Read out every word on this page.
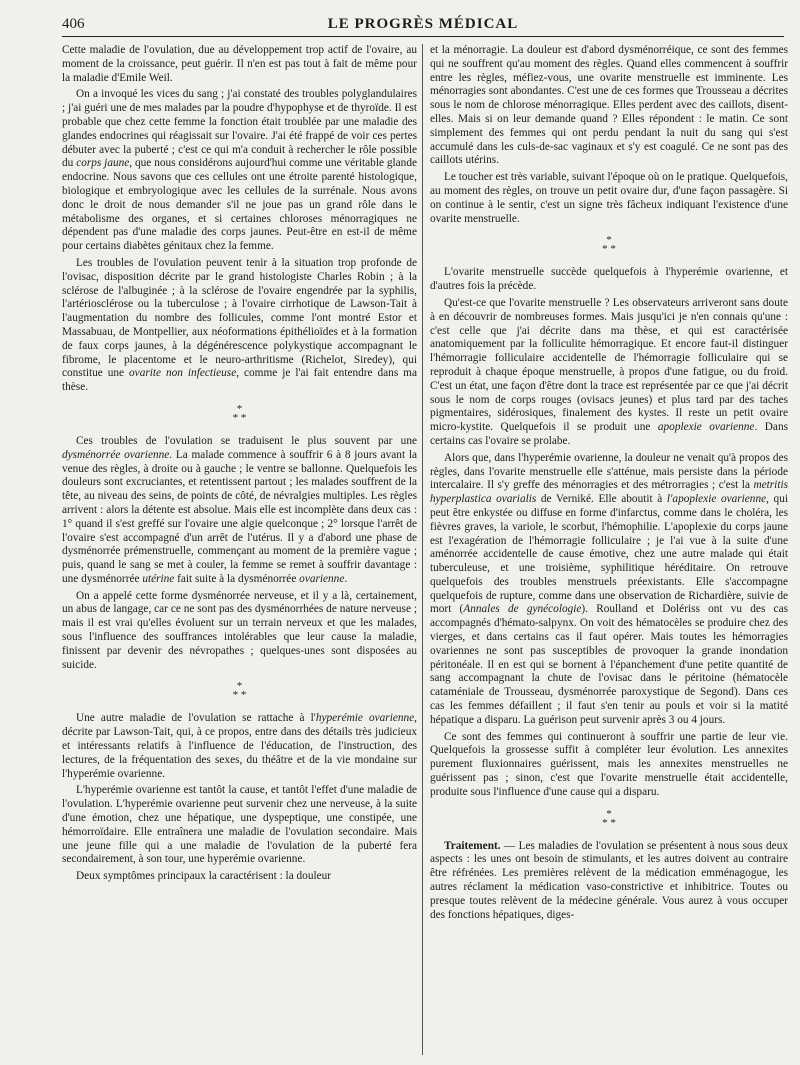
406	LE PROGRÈS MÉDICAL

Cette maladie de l'ovulation, due au développement trop actif de l'ovaire, au moment de la croissance, peut guérir. Il n'en est pas tout à fait de même pour la maladie d'Emile Weil.

On a invoqué les vices du sang ; j'ai constaté des troubles polyglandulaires ; j'ai guéri une de mes malades par la poudre d'hypophyse et de thyroïde. Il est probable que chez cette femme la fonction était troublée par une maladie des glandes endocrines qui réagissait sur l'ovaire. J'ai été frappé de voir ces pertes débuter avec la puberté ; c'est ce qui m'a conduit à rechercher le rôle possible du corps jaune, que nous considérons aujourd'hui comme une véritable glande endocrine. Nous savons que ces cellules ont une étroite parenté histologique, biologique et embryologique avec les cellules de la surrénale. Nous avons donc le droit de nous demander s'il ne joue pas un grand rôle dans le métabolisme des organes, et si certaines chloroses ménorragiques ne dépendent pas d'une maladie des corps jaunes. Peut-être en est-il de même pour certains diabètes génitaux chez la femme.

Les troubles de l'ovulation peuvent tenir à la situation trop profonde de l'ovisac, disposition décrite par le grand histologiste Charles Robin ; à la sclérose de l'albuginée ; à la sclérose de l'ovaire engendrée par la syphilis, l'artériosclérose ou la tuberculose ; à l'ovaire cirrhotique de Lawson-Tait à l'augmentation du nombre des follicules, comme l'ont montré Estor et Massabuau, de Montpellier, aux néoformations épithélioïdes et à la formation de faux corps jaunes, à la dégénérescence polykystique accompagnant le fibrome, le placentome et le neuro-arthritisme (Richelot, Siredey), qui constitue une ovarite non infectieuse, comme je l'ai fait entendre dans ma thèse.

*
* *

Ces troubles de l'ovulation se traduisent le plus souvent par une dysménorrée ovarienne. La malade commence à souffrir 6 à 8 jours avant la venue des règles, à droite ou à gauche ; le ventre se ballonne. Quelquefois les douleurs sont excruciantes, et retentissent partout ; les malades souffrent de la tête, au niveau des seins, de points de côté, de névralgies multiples. Les règles arrivent : alors la détente est absolue. Mais elle est incomplète dans deux cas : 1° quand il s'est greffé sur l'ovaire une algie quelconque ; 2° lorsque l'arrêt de l'ovaire s'est accompagné d'un arrêt de l'utérus. Il y a d'abord une phase de dysménorrée prémenstruelle, commençant au moment de la première vague ; puis, quand le sang se met à couler, la femme se remet à souffrir davantage : une dysménorrée utérine fait suite à la dysménorrée ovarienne.

On a appelé cette forme dysménorrée nerveuse, et il y a là, certainement, un abus de langage, car ce ne sont pas des dysménorrhées de nature nerveuse ; mais il est vrai qu'elles évoluent sur un terrain nerveux et que les malades, sous l'influence des souffrances intolérables que leur cause la maladie, finissent par devenir des névropathes ; quelques-unes sont disposées au suicide.

*
* *

Une autre maladie de l'ovulation se rattache à l'hyperémie ovarienne, décrite par Lawson-Tait, qui, à ce propos, entre dans des détails très judicieux et intéressants relatifs à l'influence de l'éducation, de l'instruction, des lectures, de la fréquentation des sexes, du théâtre et de la vie mondaine sur l'hyperémie ovarienne.

L'hyperémie ovarienne est tantôt la cause, et tantôt l'effet d'une maladie de l'ovulation. L'hyperémie ovarienne peut survenir chez une nerveuse, à la suite d'une émotion, chez une hépatique, une dyspeptique, une constipée, une hémorroïdaire. Elle entraînera une maladie de l'ovulation secondaire. Mais une jeune fille qui a une maladie de l'ovulation de la puberté fera secondairement, à son tour, une hyperémie ovarienne.

Deux symptômes principaux la caractérisent : la douleur

et la ménorragie. La douleur est d'abord dysménorréique, ce sont des femmes qui ne souffrent qu'au moment des règles. Quand elles commencent à souffrir entre les règles, méfiez-vous, une ovarite menstruelle est imminente. Les ménorragies sont abondantes. C'est une de ces formes que Trousseau a décrites sous le nom de chlorose ménorragique. Elles perdent avec des caillots, disent-elles. Mais si on leur demande quand ? Elles répondent : le matin. Ce sont simplement des femmes qui ont perdu pendant la nuit du sang qui s'est accumulé dans les culs-de-sac vaginaux et s'y est coagulé. Ce ne sont pas des caillots utérins.

Le toucher est très variable, suivant l'époque où on le pratique. Quelquefois, au moment des règles, on trouve un petit ovaire dur, d'une façon passagère. Si on continue à le sentir, c'est un signe très fâcheux indiquant l'existence d'une ovarite menstruelle.

*
* *

L'ovarite menstruelle succède quelquefois à l'hyperémie ovarienne, et d'autres fois la précède.

Qu'est-ce que l'ovarite menstruelle ? Les observateurs arriveront sans doute à en découvrir de nombreuses formes. Mais jusqu'ici je n'en connais qu'une : c'est celle que j'ai décrite dans ma thèse, et qui est caractérisée anatomiquement par la folliculite hémorragique. Et encore faut-il distinguer l'hémorragie folliculaire accidentelle de l'hémorragie folliculaire qui se reproduit à chaque époque menstruelle, à propos d'une fatigue, ou du froid. C'est un état, une façon d'être dont la trace est représentée par ce que j'ai décrit sous le nom de corps rouges (ovisacs jeunes) et plus tard par des taches pigmentaires, sidérosiques, finalement des kystes. Il reste un petit ovaire micro-kystite. Quelquefois il se produit une apoplexie ovarienne. Dans certains cas l'ovaire se prolabe.

Alors que, dans l'hyperémie ovarienne, la douleur ne venait qu'à propos des règles, dans l'ovarite menstruelle elle s'atténue, mais persiste dans la période intercalaire. Il s'y greffe des ménorragies et des métrorragies ; c'est la metritis hyperplastica ovarialis de Verniké. Elle aboutit à l'apoplexie ovarienne, qui peut être enkystée ou diffuse en forme d'infarctus, comme dans le choléra, les fièvres graves, la variole, le scorbut, l'hémophilie. L'apoplexie du corps jaune est l'exagération de l'hémorragie folliculaire ; je l'ai vue à la suite d'une aménorrée accidentelle de cause émotive, chez une autre malade qui était tuberculeuse, et une troisième, syphilitique héréditaire. On retrouve quelquefois des troubles menstruels préexistants. Elle s'accompagne quelquefois de rupture, comme dans une observation de Richardière, suivie de mort (Annales de gynécologie). Roulland et Dolériss ont vu des cas accompagnés d'hémato-salpynx. On voit des hématocèles se produire chez des vierges, et dans certains cas il faut opérer. Mais toutes les hémorragies ovariennes ne sont pas susceptibles de provoquer la grande inondation péritonéale. Il en est qui se bornent à l'épanchement d'une petite quantité de sang accompagnant la chute de l'ovisac dans le péritoine (hématocèle cataméniale de Trousseau, dysménorrée paroxystique de Segond). Dans ces cas les femmes défaillent ; il faut s'en tenir au pouls et voir si la matité hépatique a disparu. La guérison peut survenir après 3 ou 4 jours.

Ce sont des femmes qui continueront à souffrir une partie de leur vie. Quelquefois la grossesse suffit à compléter leur évolution. Les annexites purement fluxionnaires guérissent, mais les annexites menstruelles ne guérissent pas ; sinon, c'est que l'ovarite menstruelle était accidentelle, produite sous l'influence d'une cause qui a disparu.

*
* *

Traitement. — Les maladies de l'ovulation se présentent à nous sous deux aspects : les unes ont besoin de stimulants, et les autres doivent au contraire être réfrénées. Les premières relèvent de la médication emménagogue, les autres réclament la médication vaso-constrictive et inhibitrice. Toutes ou presque toutes relèvent de la médecine générale. Vous aurez à vous occuper des fonctions hépatiques, diges-
